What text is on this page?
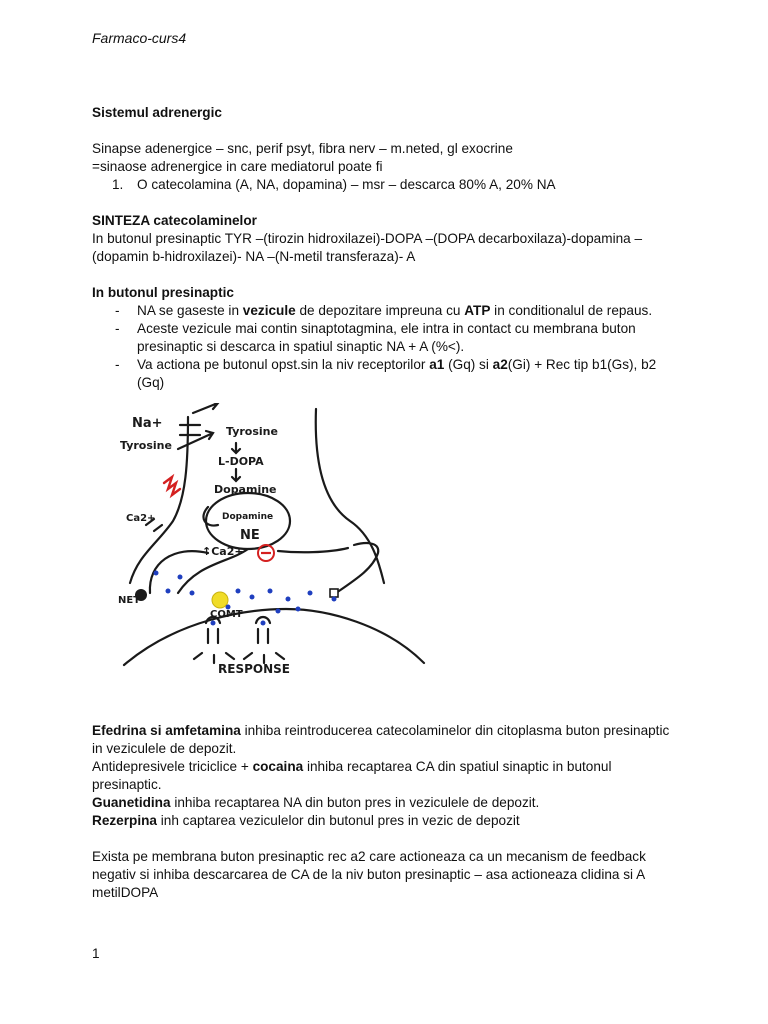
Farmaco-curs4

Sistemul adrenergic

Sinapse adenergice – snc, perif psyt, fibra nerv – m.neted, gl exocrine

=sinaose adrenergice in care mediatorul poate fi

1. O catecolamina (A, NA, dopamina) – msr – descarca 80% A, 20% NA

SINTEZA catecolaminelor

In butonul presinaptic TYR –(tirozin hidroxilazei)-DOPA –(DOPA decarboxilaza)-dopamina – (dopamin b-hidroxilazei)- NA –(N-metil transferaza)- A

In butonul presinaptic

- NA se gaseste in vezicule de depozitare impreuna cu ATP in conditionalul de repaus.
- Aceste vezicule mai contin sinaptotagmina, ele intra in contact cu membrana buton presinaptic si descarca in spatiul sinaptic NA + A (%<).
- Va actiona pe butonul opst.sin la niv receptorilor a1 (Gq) si a2(Gi) + Rec tip b1(Gs), b2 (Gq)
Na+
Tyrosine
Tyrosine
L-DOPA
Dopamine
Dopamine
NE
Ca2+
↑Ca2+
NET
COMT
RESPONSE

Efedrina si amfetamina inhiba reintroducerea catecolaminelor din citoplasma buton presinaptic in veziculele de depozit.

Antidepresivele triciclice + cocaina inhiba recaptarea CA din spatiul sinaptic in butonul presinaptic.

Guanetidina inhiba recaptarea NA din buton pres in veziculele de depozit.

Rezerpina inh captarea veziculelor din butonul pres in vezic de depozit

Exista pe membrana buton presinaptic rec a2 care actioneaza ca un mecanism de feedback negativ si inhiba descarcarea de CA de la niv buton presinaptic – asa actioneaza clidina si A metilDOPA

1
